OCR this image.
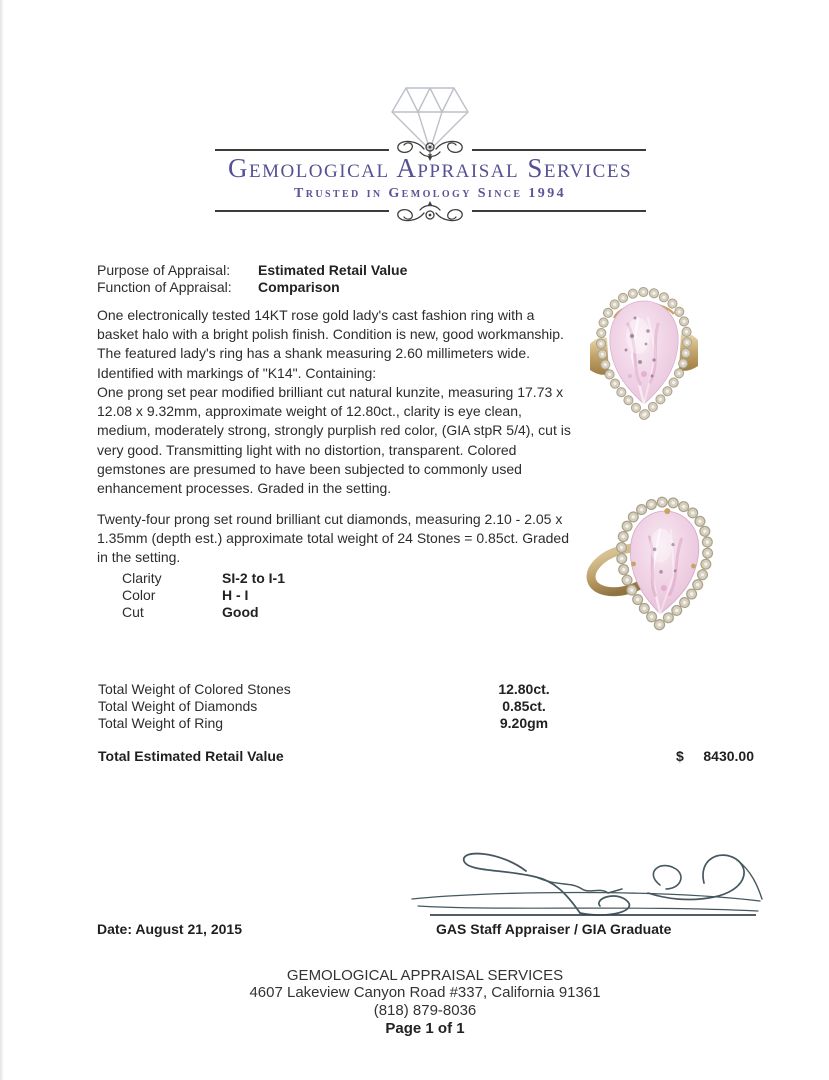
Gemological Appraisal Services
Trusted in Gemology Since 1994
Purpose of Appraisal: Estimated Retail Value
Function of Appraisal: Comparison
One electronically tested 14KT rose gold lady's cast fashion ring with a basket halo with a bright polish finish. Condition is new, good workmanship. The featured lady's ring has a shank measuring 2.60 millimeters wide. Identified with markings of "K14". Containing:
One prong set pear modified brilliant cut natural kunzite, measuring 17.73 x 12.08 x 9.32mm, approximate weight of 12.80ct., clarity is eye clean, medium, moderately strong, strongly purplish red color, (GIA stpR 5/4), cut is very good. Transmitting light with no distortion, transparent. Colored gemstones are presumed to have been subjected to commonly used enhancement processes. Graded in the setting.
Twenty-four prong set round brilliant cut diamonds, measuring 2.10 - 2.05 x 1.35mm (depth est.) approximate total weight of 24 Stones = 0.85ct. Graded in the setting.
Clarity	SI-2 to I-1
Color	H - I
Cut	Good
Total Weight of Colored Stones	12.80ct.
Total Weight of Diamonds	0.85ct.
Total Weight of Ring	9.20gm
Total Estimated Retail Value	$	8430.00
Date: August 21, 2015	GAS Staff Appraiser / GIA Graduate
GEMOLOGICAL APPRAISAL SERVICES
4607 Lakeview Canyon Road #337, California 91361
(818) 879-8036
Page 1 of 1
